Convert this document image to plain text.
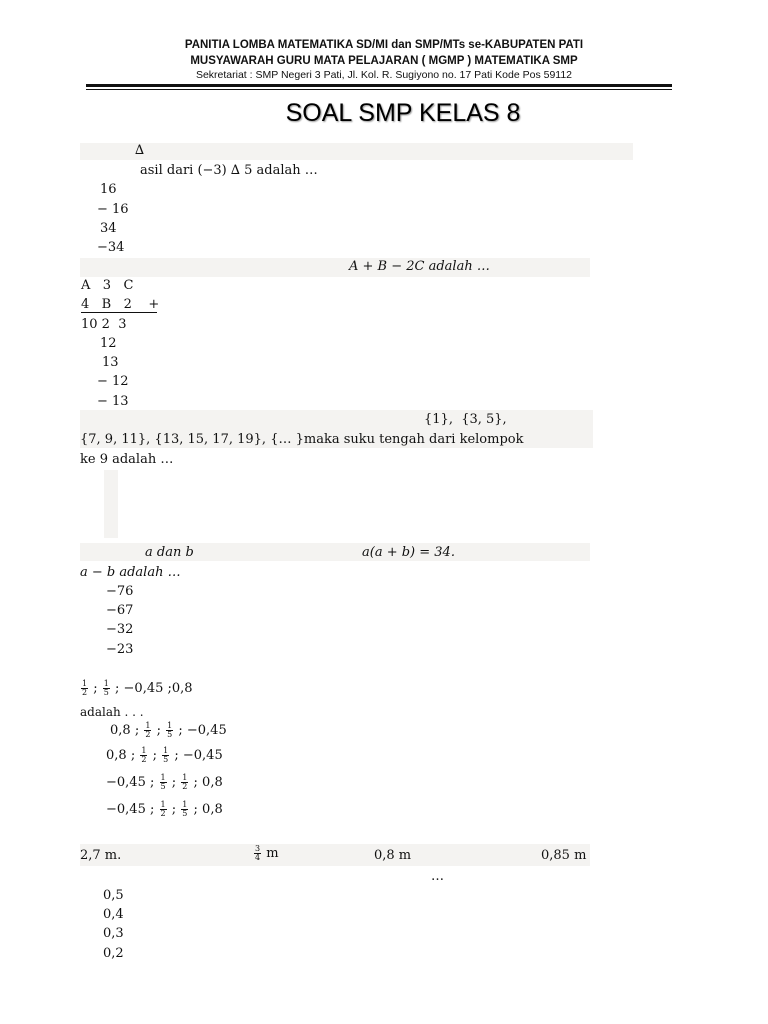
PANITIA LOMBA MATEMATIKA SD/MI dan SMP/MTs se-KABUPATEN PATI
MUSYAWARAH GURU MATA PELAJARAN ( MGMP ) MATEMATIKA SMP
Sekretariat : SMP Negeri 3 Pati, Jl. Kol. R. Sugiyono no. 17 Pati Kode Pos 59112
SOAL SMP KELAS 8
∆
asil dari (−3) ∆ 5 adalah …
16
− 16
34
−34
A + B − 2C adalah …
A   3   C
4   B   2    +
10 2  3
12
13
− 12
− 13
{1},  {3, 5},
{7, 9, 11}, {13, 15, 17, 19}, {… }maka suku tengah dari kelompok
ke 9 adalah …
a dan b	a(a + b) = 34.
a − b adalah …
−76
−67
−32
−23
$\frac{1}{2}$ ; $\frac{1}{5}$ ; −0,45 ;0,8
adalah . . .
0,8 ; $\frac{1}{2}$ ; $\frac{1}{5}$ ; −0,45
0,8 ; $\frac{1}{2}$ ; $\frac{1}{5}$ ; −0,45
−0,45 ; $\frac{1}{5}$ ; $\frac{1}{2}$ ; 0,8
−0,45 ; $\frac{1}{2}$ ; $\frac{1}{5}$ ; 0,8
2,7 m.	$\frac{3}{4}$ m	0,8 m	0,85 m
…
0,5
0,4
0,3
0,2
